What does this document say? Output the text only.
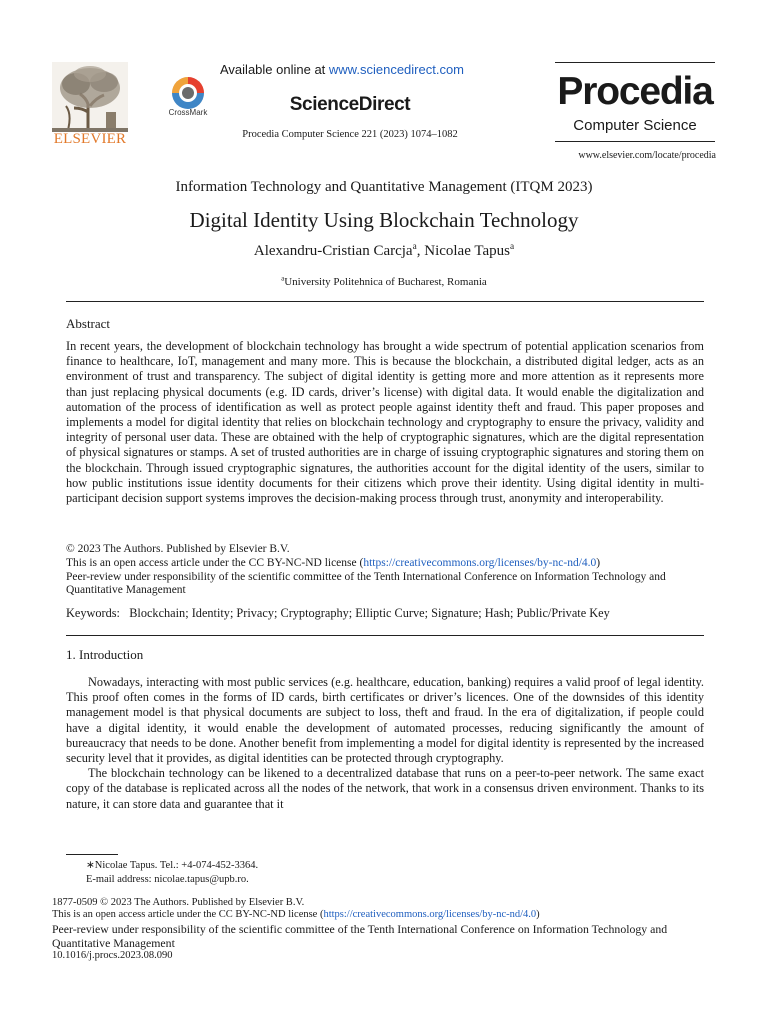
ELSEVIER
CrossMark
Available online at www.sciencedirect.com
ScienceDirect
Procedia Computer Science 221 (2023) 1074–1082
Procedia
Computer Science
www.elsevier.com/locate/procedia
Information Technology and Quantitative Management (ITQM 2023)
Digital Identity Using Blockchain Technology
Alexandru-Cristian Carcja$^a$, Nicolae Tapus$^a$
$^a$University Politehnica of Bucharest, Romania
Abstract

In recent years, the development of blockchain technology has brought a wide spectrum of potential application scenarios from finance to healthcare, IoT, management and many more. This is because the blockchain, a distributed digital ledger, acts as an environment of trust and transparency. The subject of digital identity is getting more and more attention as it represents more than just replacing physical documents (e.g. ID cards, driver’s license) with digital data. It would enable the digitalization and automation of the process of identification as well as protect people against identity theft and fraud. This paper proposes and implements a model for digital identity that relies on blockchain technology and cryptography to ensure the privacy, validity and integrity of personal user data. These are obtained with the help of cryptographic signatures, which are the digital representation of physical signatures or stamps. A set of trusted authorities are in charge of issuing cryptographic signatures and storing them on the blockchain. Through issued cryptographic signatures, the authorities account for the digital identity of the users, similar to how public institutions issue identity documents for their citizens which prove their identity. Using digital identity in multi-participant decision support systems improves the decision-making process through trust, anonymity and interoperability.

© 2023 The Authors. Published by Elsevier B.V.
This is an open access article under the CC BY-NC-ND license (https://creativecommons.org/licenses/by-nc-nd/4.0)
Peer-review under responsibility of the scientific committee of the Tenth International Conference on Information Technology and Quantitative Management
Keywords: Blockchain; Identity; Privacy; Cryptography; Elliptic Curve; Signature; Hash; Public/Private Key
1. Introduction

Nowadays, interacting with most public services (e.g. healthcare, education, banking) requires a valid proof of legal identity. This proof often comes in the forms of ID cards, birth certificates or driver’s licences. One of the downsides of this identity management model is that physical documents are subject to loss, theft and fraud. In the era of digitalization, if people could have a digital identity, it would enable the development of automated processes, reducing significantly the amount of bureaucracy that needs to be done. Another benefit from implementing a model for digital identity is represented by the increased security level that it provides, as digital identities can be protected through cryptography.

The blockchain technology can be likened to a decentralized database that runs on a peer-to-peer network. The same exact copy of the database is replicated across all the nodes of the network, that work in a consensus driven environment. Thanks to its nature, it can store data and guarantee that it

∗Nicolae Tapus. Tel.: +4-074-452-3364.
E-mail address: nicolae.tapus@upb.ro.
1877-0509 © 2023 The Authors. Published by Elsevier B.V.
This is an open access article under the CC BY-NC-ND license (https://creativecommons.org/licenses/by-nc-nd/4.0)
Peer-review under responsibility of the scientific committee of the Tenth International Conference on Information Technology and Quantitative Management
10.1016/j.procs.2023.08.090
